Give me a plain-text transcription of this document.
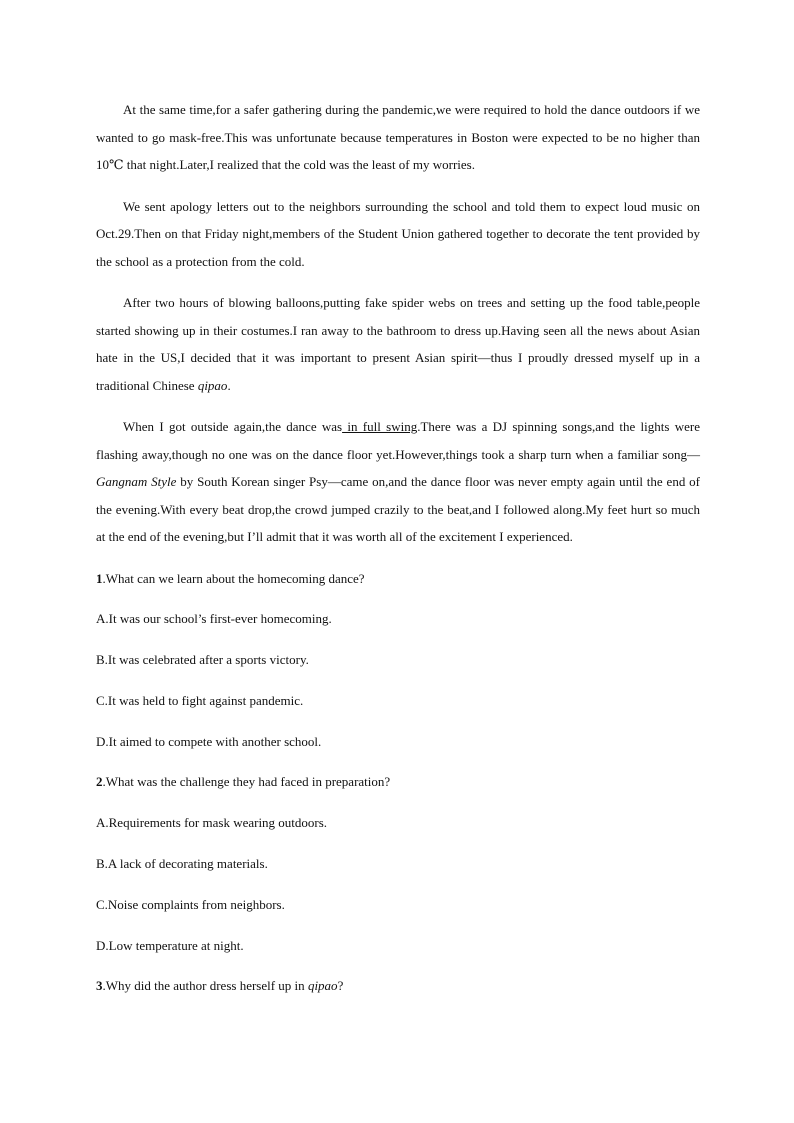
At the same time,for a safer gathering during the pandemic,we were required to hold the dance outdoors if we wanted to go mask-free.This was unfortunate because temperatures in Boston were expected to be no higher than 10℃ that night.Later,I realized that the cold was the least of my worries.

We sent apology letters out to the neighbors surrounding the school and told them to expect loud music on Oct.29.Then on that Friday night,members of the Student Union gathered together to decorate the tent provided by the school as a protection from the cold.

After two hours of blowing balloons,putting fake spider webs on trees and setting up the food table,people started showing up in their costumes.I ran away to the bathroom to dress up.Having seen all the news about Asian hate in the US,I decided that it was important to present Asian spirit—thus I proudly dressed myself up in a traditional Chinese qipao.

When I got outside again,the dance was in full swing.There was a DJ spinning songs,and the lights were flashing away,though no one was on the dance floor yet.However,things took a sharp turn when a familiar song—Gangnam Style by South Korean singer Psy—came on,and the dance floor was never empty again until the end of the evening.With every beat drop,the crowd jumped crazily to the beat,and I followed along.My feet hurt so much at the end of the evening,but I’ll admit that it was worth all of the excitement I experienced.

1.What can we learn about the homecoming dance?

A.It was our school’s first-ever homecoming.

B.It was celebrated after a sports victory.

C.It was held to fight against pandemic.

D.It aimed to compete with another school.

2.What was the challenge they had faced in preparation?

A.Requirements for mask wearing outdoors.

B.A lack of decorating materials.

C.Noise complaints from neighbors.

D.Low temperature at night.

3.Why did the author dress herself up in qipao?
